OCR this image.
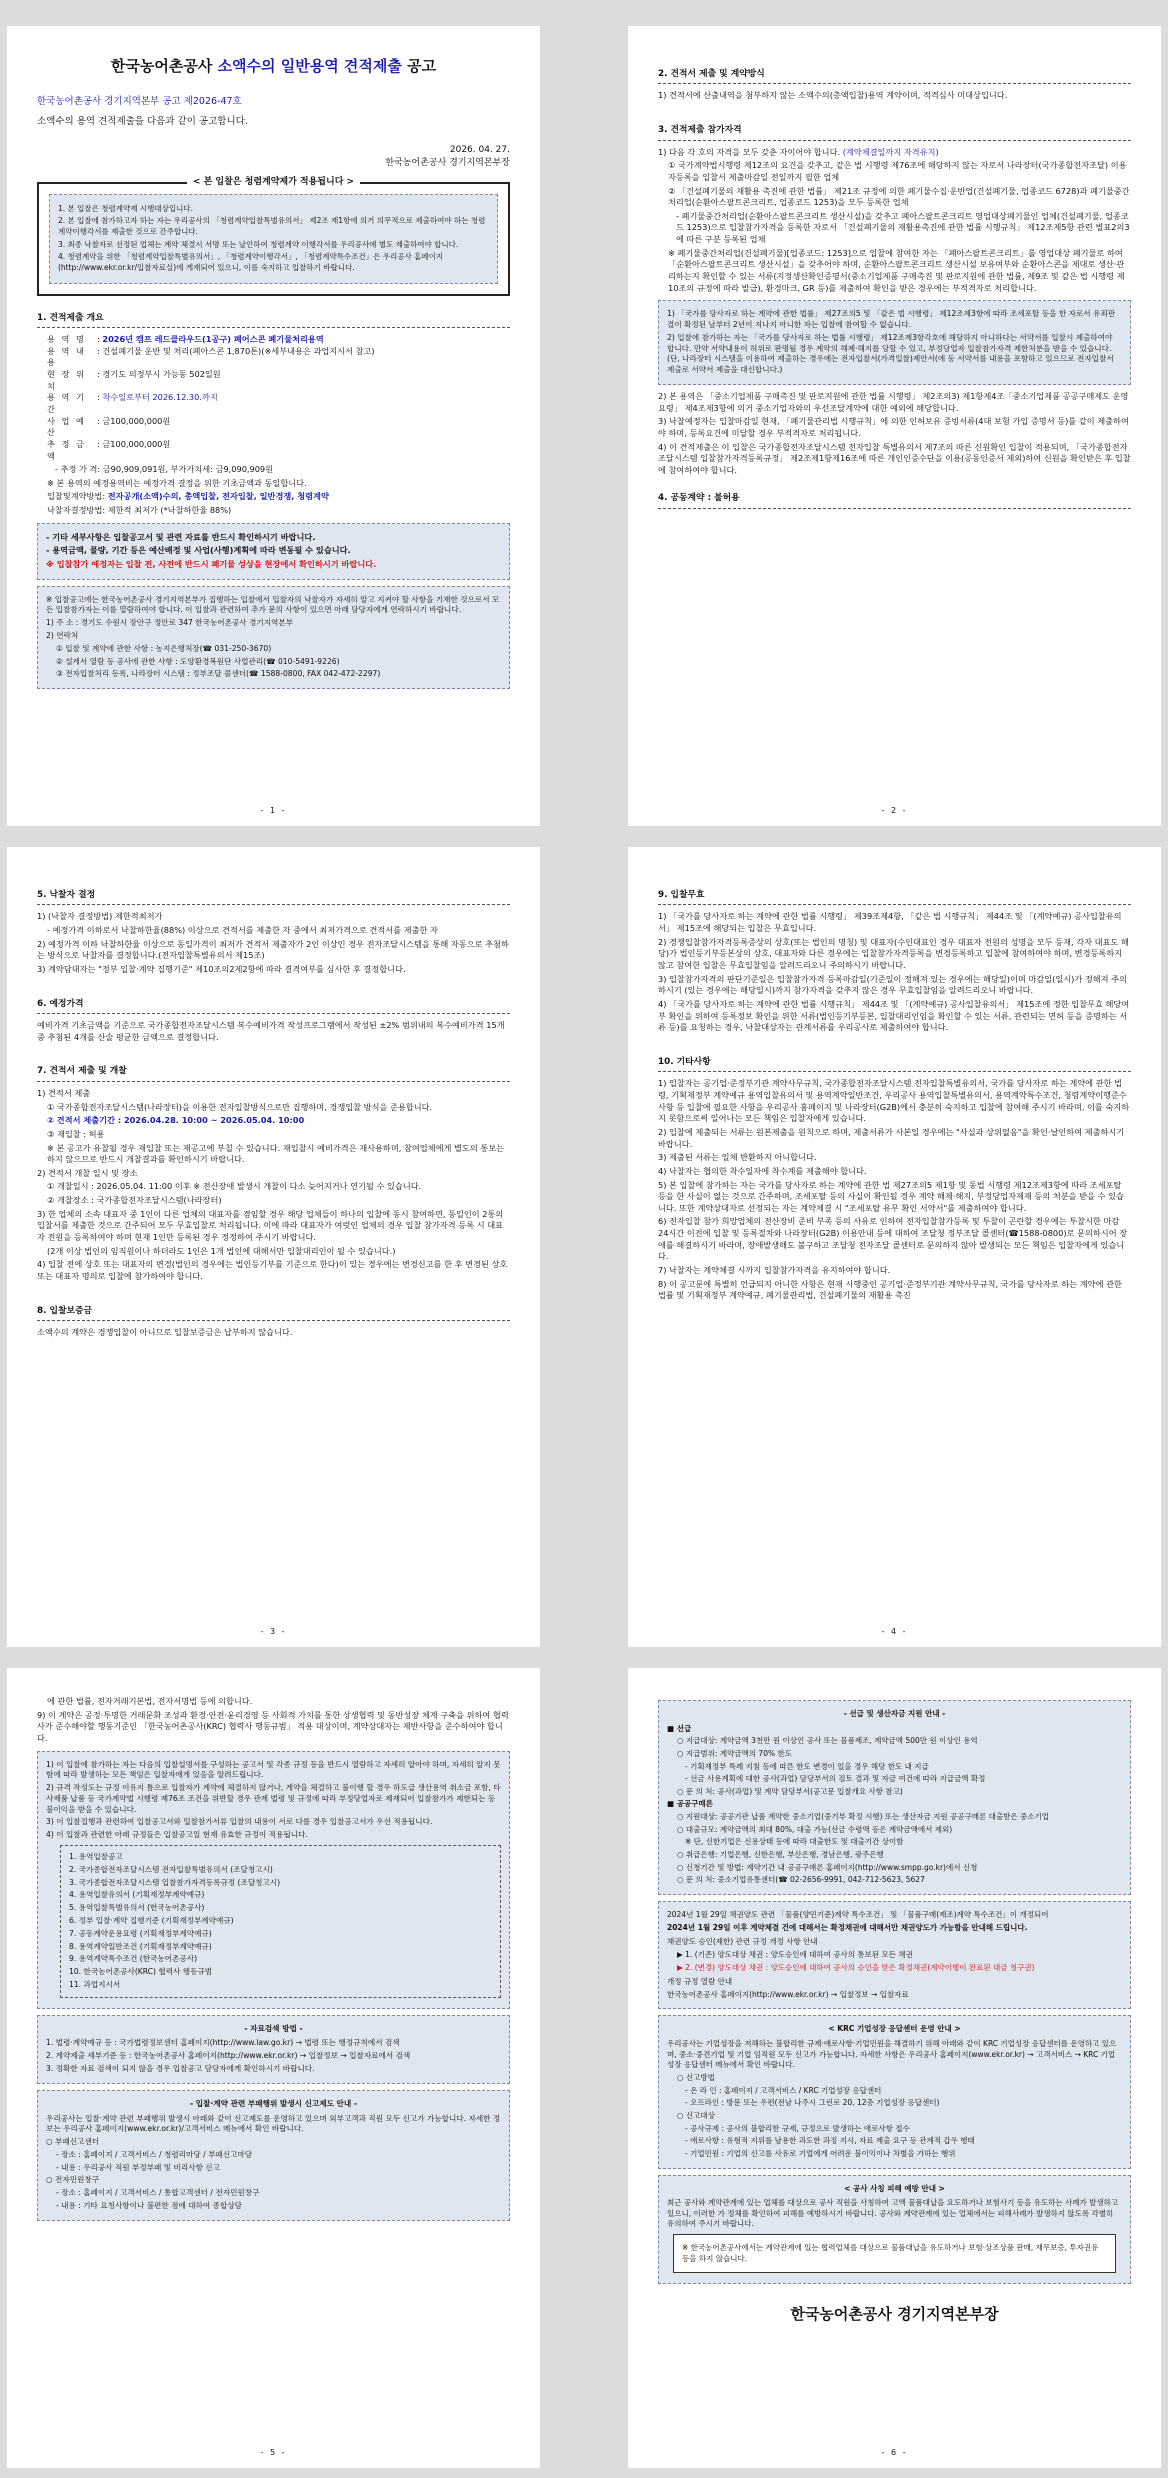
한국농어촌공사 소액수의 일반용역 견적제출 공고
한국농어촌공사 경기지역본부 공고 제2026-47호
소액수의 용역 견적제출을 다음과 같이 공고합니다.
2026. 04. 27.
한국농어촌공사 경기지역본부장
< 본 입찰은 청렴계약제가 적용됩니다 >

1. 본 입찰은 청렴계약제 시행대상입니다.

2. 본 입찰에 참가하고자 하는 자는 우리공사의 「청렴계약입찰특별유의서」 제2조 제1항에 의거 의무적으로 제출하여야 하는 청렴계약이행각서를 제출한 것으로 간주합니다.

3. 최종 낙찰자로 선정된 업체는 계약 체결시 서명 또는 날인하여 청렴계약 이행각서를 우리공사에 별도 제출하여야 합니다.

4. 청렴계약을 위한 「청렴계약입찰특별유의서」, 「청렴계약이행각서」, 「청렴계약특수조건」은 우리공사 홈페이지(http://www.ekr.or.kr/입찰자료실)에 게재되어 있으니, 이를 숙지하고 입찰하기 바랍니다.

1. 견적제출 개요
용 역 명	: 2026년 캠프 레드클라우드(1공구) 폐어스콘 폐기물처리용역
용 역 내 용
: 건설폐기물 운반 및 처리(폐아스콘 1,870톤)(※세부내용은 과업지시서 참고)
현 장 위 치
: 경기도 의정부시 가능동 502일원
용 역 기 간
: 착수일로부터 2026.12.30.까지
사 업 예 산
: 금100,000,000원
추 정 금 액
: 금100,000,000원

- 추정 가 격: 금90,909,091원, 부가가치세: 금9,090,909원

※ 본 용역의 예정용역비는 예정가격 결정을 위한 기초금액과 동일합니다.

입찰및계약방법: 전자공개(소액)수의, 총액입찰, 전자입찰, 일반경쟁, 청렴계약

낙찰자결정방법: 제한적 최저가 (*낙찰하한율 88%)

- 기타 세부사항은 입찰공고서 및 관련 자료를 반드시 확인하시기 바랍니다.

- 용역금액, 물량, 기간 등은 예산배정 및 사업(사행)계획에 따라 변동될 수 있습니다.

※ 입찰참가 예정자는 입찰 전, 사전에 반드시 폐기물 성상을 현장에서 확인하시기 바랍니다.

※ 입찰공고에는 한국농어촌공사 경기지역본부가 집행하는 입찰에서 입찰자의 낙찰자가 자세히 알고 지켜야 할 사항을 기재한 것으로서 모든 입찰참가자는 이를 열람하여야 합니다. 이 입찰과 관련하여 추가 문의 사항이 있으면 아래 담당자에게 연락하시기 바랍니다.

1) 주 소 : 경기도 수원시 장안구 정안로 347 한국농어촌공사 경기지역본부

2) 연락처

① 입찰 및 계약에 관한 사항 : 농지은행처장(☎ 031-250-3670)

② 설계서 열람 등 공사에 관한 사항 : 도양환경복원단 사업관리(☎ 010-5491-9226)

③ 전자입찰처리 등록, 나라장터 시스템 : 정부조달 콜센터(☎ 1588-0800, FAX 042-472-2297)

- 1 -
2. 견적서 제출 및 계약방식

1) 견적서에 산출내역을 첨부하지 않는 소액수의(총액입찰)용역 계약이며, 적격심사 미대상입니다.

3. 견적제출 참가자격

1) 다음 각 호의 자격을 모두 갖춘 자이어야 합니다. (계약체결일까지 자격유지)

① 국가계약법시행령 제12조의 요건을 갖추고, 같은 법 시행령 제76조에 해당하지 않는 자로서 나라장터(국가종합전자조달) 이용자등록을 입찰서 제출마감일 전일까지 필한 업체

② 「건설폐기물의 재활용 촉진에 관한 법률」 제21조 규정에 의한 폐기물수집·운반업(건설폐기물, 업종코드 6728)과 폐기물중간처리업(순환아스팔트콘크리트, 업종코드 1253)을 모두 등록한 업체

- 폐기물중간처리업(순환아스팔트콘크리트 생산시설)을 갖추고 폐아스팔트콘크리트 영업대상폐기물인 업체(건설폐기물, 업종코드 1253)으로 입찰참가자격을 등록한 자로서 「건설폐기물의 재활용촉진에 관한 법률 시행규칙」 제12조제5항 관련 별표2의3에 따른 구분 등록된 업체

※ 폐기물중간처리업(건설폐기물)[업종코드: 1253]으로 입찰에 참여한 자는 「폐아스팔트콘크리트」를 영업대상 폐기물로 하여 「순환아스팔트콘크리트 생산시설」을 갖추어야 하며, 순환아스팔트콘크리트 생산시설 보유여부와 순환아스콘을 제대로 생산·관리하는지 확인할 수 있는 서류(지정생산확인증명서(중소기업제품 구매촉진 및 판로지원에 관한 법률, 제9조 및 같은 법 시행령 제10조의 규정에 따라 발급), 환경마크, GR 등)를 제출하여 확인을 받은 경우에는 부적격자로 처리합니다.

1) 「국가를 당사자로 하는 계약에 관한 법률」 제27조의5 및 「같은 법 시행령」 제12조제3항에 따라 조세포탈 등을 한 자로서 유죄판결이 확정된 날부터 2년이 지나지 아니한 자는 입찰에 참여할 수 없습니다.

2) 입찰에 참가하는 자는 「국가를 당사자로 하는 법률 시행령」 제12조제3항각호에 해당하지 아니하다는 서약서를 입찰시 제출하여야 합니다. 만약 서약내용이 허위로 판명될 경우 계약의 해제·해지를 당할 수 있고, 부정당업자 입찰참가자격 제한처분을 받을 수 있습니다. (단, 나라장터 시스템을 이용하여 제출하는 경우에는 전자입찰서(가격입찰)제안서(에 동 서약서를 내용을 포함하고 있으므로 전자입찰서 제출로 서약서 제출을 대신합니다.)

2) 본 용역은 「중소기업제품 구매촉진 및 판로지원에 관한 법률 시행령」 제2조의3) 제1항제4조「중소기업제품 공공구매제도 운영 요령」 제4조제3항에 의거 중소기업자와의 우선조달계약에 대한 예외에 해당합니다.

3) 낙찰예정자는 입찰마감일 현재, 「폐기물관리법 시행규칙」에 의한 인허보유 증빙서류(4대 보험 가입 증명서 등)를 같이 제출하여야 하며, 등록요건에 미달할 경우 부적격자로 처리됩니다.

4) 이 견적제출은 이 입찰은 국가종합전자조달시스템 전자입찰 특별유의서 제7조의 따른 신원확인 입찰이 적용되며, 「국가종합전자조달시스템 입찰참가자격등록규정」 제2조제1항제16조에 따른 개인인증수단을 이용(공동인증서 제외)하여 신원을 확인받은 후 입찰에 참여하여야 합니다.

4. 공동계약 : 불허용
- 2 -
5. 낙찰자 결정

1) (낙찰자 결정방법) 제한적최저가

- 예정가격 이하로서 낙찰하한율(88%) 이상으로 견적서를 제출한 자 중에서 최저가격으로 견적서를 제출한 자

2) 예정가격 이하 낙찰하한율 이상으로 동일가격이 최저가 견적서 제출자가 2인 이상인 경우 전자조달시스템을 통해 자동으로 추첨하는 방식으로 낙찰자를 결정합니다.(전자입찰특별유의서 제15조)

3) 계약담대자는 "정부 입찰·계약 집행기준" 제10조의2제2항에 따라 결격여부를 심사한 후 결정합니다.

6. 예정가격

예비가격 기초금액을 기준으로 국가종합전자조달시스템 복수예비가격 작성프로그램에서 작성된 ±2% 범위내의 복수예비가격 15개중 추첨된 4개를 산술 평균한 금액으로 결정합니다.

7. 견적서 제출 및 개찰

1) 견적서 제출

① 국가종합전자조달시스템(나라장터)을 이용한 전자입찰방식으로만 집행하며, 경쟁입찰 방식을 준용합니다.

② 견적서 제출기간 : 2026.04.28. 10:00 ~ 2026.05.04. 10:00

③ 재입찰 : 허용

※ 본 공고가 유찰될 경우 재입찰 또는 재공고에 부칠 수 있습니다. 재입찰시 예비가격은 재사용하며, 참여업체에게 별도의 통보는 하지 않으므로 반드시 개찰결과를 확인하시기 바랍니다.

2) 견적서 개찰 일시 및 장소

① 개찰일시 : 2026.05.04. 11:00 이후 ※ 전산장애 발생시 개찰이 다소 늦어지거나 연기될 수 있습니다.

② 개찰장소 : 국가종합전자조달시스템(나라장터)

3) 한 업체의 소속 대표자 중 1인이 다른 업체의 대표자를 겸임할 경우 해당 업체들이 하나의 입찰에 동시 참여하면, 동일인이 2통의 입찰서를 제출한 것으로 간주되어 모두 무효입찰로 처리됩니다. 이에 따라 대표자가 여럿인 업체의 경우 입찰 참가자격 등록 시 대표자 전원을 등록하여야 하며 현재 1인만 등록된 경우 정정하여 주시기 바랍니다.

(2개 이상 법인의 임직원이나 하더라도 1인은 1개 법인에 대해서만 입찰대리인이 될 수 있습니다.)

4) 입찰 전에 상호 또는 대표자의 변경(법인의 경우에는 법인등기부를 기준으로 한다)이 있는 경우에는 변경신고를 한 후 변경된 상호 또는 대표자 명의로 입찰에 참가하여야 합니다.

8. 입찰보증금

소액수의 계약은 경쟁입찰이 아니므로 입찰보증금은 납부하지 않습니다.

- 3 -
9. 입찰무효

1) 「국가를 당사자로 하는 계약에 관한 법률 시행령」 제39조제4항, 「같은 법 시행규칙」 제44조 및 「(계약예규) 공사입찰유의서」 제15조에 해당되는 입찰은 무효입니다.

2) 경쟁입찰참가자격등록증상의 상호(또는 법인의 명칭) 및 대표자(수인대표인 경우 대표자 전원의 성명을 모두 등재, 각자 대표도 해당)가 법인등기부등본상의 상호, 대표자와 다른 경우에는 입찰참가자격등록을 변경등록하고 입찰에 참여하여야 하며, 변경등록하지 않고 참여한 입찰은 무효입찰임을 알려드리오니 주의하시기 바랍니다.

3) 입찰참가자격의 판단기준일은 입찰참가자격 등록마감일(기준일이 정해져 있는 경우에는 해당일)이며 마감일(일시)가 정해져 주의하시기 (있는 경우에는 해당일시)까지 참가자격을 갖추지 않은 경우 무효입찰임을 알려드리오니 바랍니다.

4) 「국가를 당사자로 하는 계약에 관한 법률 시행규칙」 제44조 및 「(계약예규) 공사입찰유의서」 제15조에 정한 입찰무효 해당여부 확인을 위하여 등록정보 확인을 위한 서류(법인등기부등본, 입찰대리인임을 확인할 수 있는 서류, 관련되는 면허 등을 증명하는 서류 등)를 요청하는 경우, 낙찰대상자는 관계서류를 우리공사로 제출하여야 합니다.

10. 기타사항

1) 입찰자는 공기업·준정부기관 계약사무규칙, 국가종합전자조달시스템 전자입찰특별유의서, 국가를 당사자로 하는 계약에 관한 법령, 기획재정부 계약예규 용역입찰유의서 및 용역계약일반조건, 우리공사 용역입찰특별유의서, 용역계약특수조건, 청렴계약이행준수사항 등 입찰에 필요한 사항을 우리공사 홈페이지 및 나라장터(G2B)에서 충분히 숙지하고 입찰에 참여해 주시기 바라며, 이를 숙지하지 못함으로써 일어나는 모든 책임은 입찰자에게 있습니다.

2) 입찰에 제출되는 서류는 원본제출을 원칙으로 하며, 제출서류가 사본일 경우에는 "사실과 상위없음"을 확인·날인하여 제출하시기 바랍니다.

3) 제출된 서류는 일체 반환하지 아니합니다.

4) 낙찰자는 협의한 착수일자에 착수계를 제출해야 합니다.

5) 본 입찰에 참가하는 자는 국가를 당사자로 하는 계약에 관한 법 제27조의5 제1항 및 동법 시행령 제12조제3항에 따라 조세포탈 등을 한 사실이 없는 것으로 간주하며, 조세포탈 등의 사실이 확인될 경우 계약 해제·해지, 부정당업자제재 등의 처분을 받을 수 있습니다. 또한 계약상대자로 선정되는 자는 계약체결 시 "조세포탈 유무 확인 서약서"를 제출하여야 합니다.

6) 전자입찰 참가 희망업체의 전산장비 준비 부족 등의 사유로 인하여 전자입찰참가등록 및 투찰이 곤란할 경우에는 투찰시한 마감 24시간 이전에 입찰 및 등록절차와 나라장터(G2B) 이용안내 등에 대하여 조달청 정부조달 콜센터(☎1588-0800)로 문의하시어 장애를 해결하시기 바라며, 장애발생해도 불구하고 조달청 전자조달 콜센터로 문의하지 않아 발생되는 모든 책임은 입찰자에게 있습니다.

7) 낙찰자는 계약체결 시까지 입찰참가자격을 유지하여야 합니다.

8) 이 공고문에 특별히 언급되지 아니한 사항은 현재 시행중인 공기업·준정부기관 계약사무규칙, 국가를 당사자로 하는 계약에 관한 법률 및 기획재정부 계약예규, 폐기물관리법, 건설폐기물의 재활용 촉진

- 4 -

에 관한 법률, 전자거래기본법, 전자서명법 등에 의합니다.

9) 이 계약은 공정·투명한 거래문화 조성과 환경·안전·윤리경영 등 사회적 가치를 통한 상생협력 및 동반성장 체계 구축을 위하여 협력사가 준수해야할 행동기준인 「한국농어촌공사(KRC) 협력사 행동규범」 적용 대상이며, 계약상대자는 제반사항을 준수하여야 합니다.

1) 이 입찰에 참가하는 자는 다음의 입찰설명서를 구성하는 공고서 및 각종 규정 등을 반드시 열람하고 자세히 알아야 하며, 자세히 알지 못함에 따라 발생하는 모든 책임은 입찰자에게 있음을 알려드립니다.

2) 규격 작성도는 규정 이유지 틈으로 입찰자가 계약에 체결하지 않거나, 계약을 체결하고 불이행 할 경우 하도급 생산용역 취소금 포함, 타사제품 납품 등 국가계약법 시행령 제76조 조건을 위반할 경우 관계 법령 및 규정에 따라 부정당업자로 제재되어 입찰참가가 제한되는 등 불이익을 받을 수 있습니다.

3) 이 입찰집행과 관련하여 입찰공고서와 입찰참가서류 입찰의 내용이 서로 다를 경우 입찰공고서가 우선 적용됩니다.

4) 이 입찰과 관련한 아래 규정들은 입찰공고일 현재 유효한 규정이 적용됩니다.

1. 용역입찰공고

2. 국가종합전자조달시스템 전자입찰특별유의서 (조달청고시)

3. 국가종합전자조달시스템 입찰참가자격등록규정 (조달청고시)

4. 용역입찰유의서 (기획재정부계약예규)

5. 용역입찰특별유의서 (한국농어촌공사)

6. 정부 입찰·계약 집행기준 (기획재정부계약예규)

7. 공동계약운용요령 (기획재정부계약예규)

8. 용역계약일반조건 (기획재정부계약예규)

9. 용역계약특수조건 (한국농어촌공사)

10. 한국농어촌공사(KRC) 협력사 행동규범

11. 과업지시서

- 자료검색 방법 -

1. 법령·계약예규 등 : 국가법령정보센터 홈페이지(http://www.law.go.kr) → 법령 또는 행정규칙에서 검색

2. 계약제출 세부기준 등 : 한국농어촌공사 홈페이지(http://www.ekr.or.kr) → 입찰정보 → 입찰자료에서 검색

3. 정확한 자료 검색이 되지 않을 경우 입찰공고 담당자에게 확인하시기 바랍니다.

- 입찰·계약 관련 부패행위 발생시 신고제도 안내 -

우리공사는 입찰·계약 관련 부패행위 발생시 아래와 같이 신고제도를 운영하고 있으며 외부고객과 직원 모두 신고가 가능합니다. 자세한 정보는 우리공사 홈페이지(www.ekr.or.kr)/고객서비스 메뉴에서 확인 바랍니다.

○ 부패신고센터

- 장소 : 홈페이지 / 고객서비스 / 청렴리마당 / 부패신고마당

- 내용 : 우리공사 직원 부정부패 및 비리사항 신고

○ 전자민원창구

- 장소 : 홈페이지 / 고객서비스 / 통합고객센터 / 전자민원창구

- 내용 : 기타 요청사항이나 불편한 점에 대하여 종합상담

- 5 -
- 선급 및 생산자금 지원 안내 -

■ 선급

○ 지급대상: 계약금액 3천만 원 이상인 공사 또는 물품제조, 계약금액 500만 원 이상인 용역

○ 지급범위: 계약금액의 70% 한도

- 기획재정부 특례 지침 등에 따른 한도 변경이 있을 경우 해당 한도 내 지급

- 선금 사용계획에 대한 공사(과업) 담당부서의 검토 결과 및 자금 여건에 따라 지급금액 확정

○ 문 의 처: 공사(과업) 및 계약 담당부서(공고문 입찰개요 사항 참고)

■ 공공구매론

○ 지원대상: 공공기관 납품 계약한 중소기업(중기부 확정 시행) 또는 생산자금 지원 공공구매론 대출받은 중소기업

○ 대출규모: 계약금액의 최대 80%, 대출 가능(선금 수령액 등은 계약금액에서 제외)

※ 단, 신한기업은 신용상태 등에 따라 대출한도 및 대출기간 상이함

○ 취급은행: 기업은행, 신한은행, 부산은행, 경남은행, 광주은행

○ 신청기간 및 방법: 계약기간 내 공공구매론 홈페이지(http://www.smpp.go.kr)에서 신청

○ 문 의 처: 중소기업유통센터(☎ 02-2656-9991, 042-712-5623, 5627

2024년 1월 29일 채권양도 관련 「물품(양민기준)계약 특수조건」 및 「물품구매(제조)계약 특수조건」이 개정되어

2024년 1월 29일 이후 계약체결 건에 대해서는 확정채권에 대해서만 채권양도가 가능함을 안내해 드립니다.

채권양도 승인(제한) 관련 규정 개정 사항 안내

▶ 1. (기존) 양도대상 채권 : 양도승인에 대하여 공사의 통보된 모든 채권

▶ 2. (변경) 양도대상 채권 : 양도승인에 대하여 공사의 승인을 받은 확정채권(계약이행이 완료된 대금 청구권)

개정 규정 열람 안내

한국농어촌공사 홈페이지(http://www.ekr.or.kr) → 입찰정보 → 입찰자료

< KRC 기업성장 응답센터 운영 안내 >

우리공사는 기업성장을 저해하는 불합리한 규제·애로사항·기업민원을 해결하기 위해 아래와 같이 KRC 기업성장 응답센터를 운영하고 있으며, 중소·중견기업 및 기업 임직원 모두 신고가 가능합니다. 자세한 사항은 우리공사 홈페이지(www.ekr.or.kr) → 고객서비스 → KRC 기업성장 응답센터 메뉴에서 확인 바랍니다.

○ 신고방법

- 온 라 인 : 홈페이지 / 고객서비스 / KRC 기업성장 응답센터

- 오프라인 : 방문 또는 우편(전남 나주시 그린로 20, 12층 기업성장 응답센터)

○ 신고대상

- 공사규제 : 공사의 불합리한 규제, 규정으로 발생하는 애로사항 접수

- 애로사항 : 유형적 지위를 남용한 과도한 과징 지시, 자료 제출 요구 등 관계적 갑우 행태

- 기업민원 : 기업의 신고를 사유로 기업에게 어려운 불이익이나 차별을 가하는 행위

< 공사 사칭 피해 예방 안내 >

최근 공사와 계약관계에 있는 업체를 대상으로 공사 직원을 사칭하여 고액 물품대납을 요도하거나 보험사기 등을 유도하는 사례가 발생하고 있으니, 이러한 가 정체를 확인하여 피해를 예방하시기 바랍니다. 공사와 계약관계에 있는 업체에서는 피해사례가 발생하지 않도록 각별히 유의하여 주시기 바랍니다.

※ 한국농어촌공사에서는 계약관계에 있는 협력업체를 대상으로 물품대납을 유도하거나 보험·상조상품 판매, 재무보증, 투자권유 등을 하지 않습니다.

한국농어촌공사 경기지역본부장
- 6 -
